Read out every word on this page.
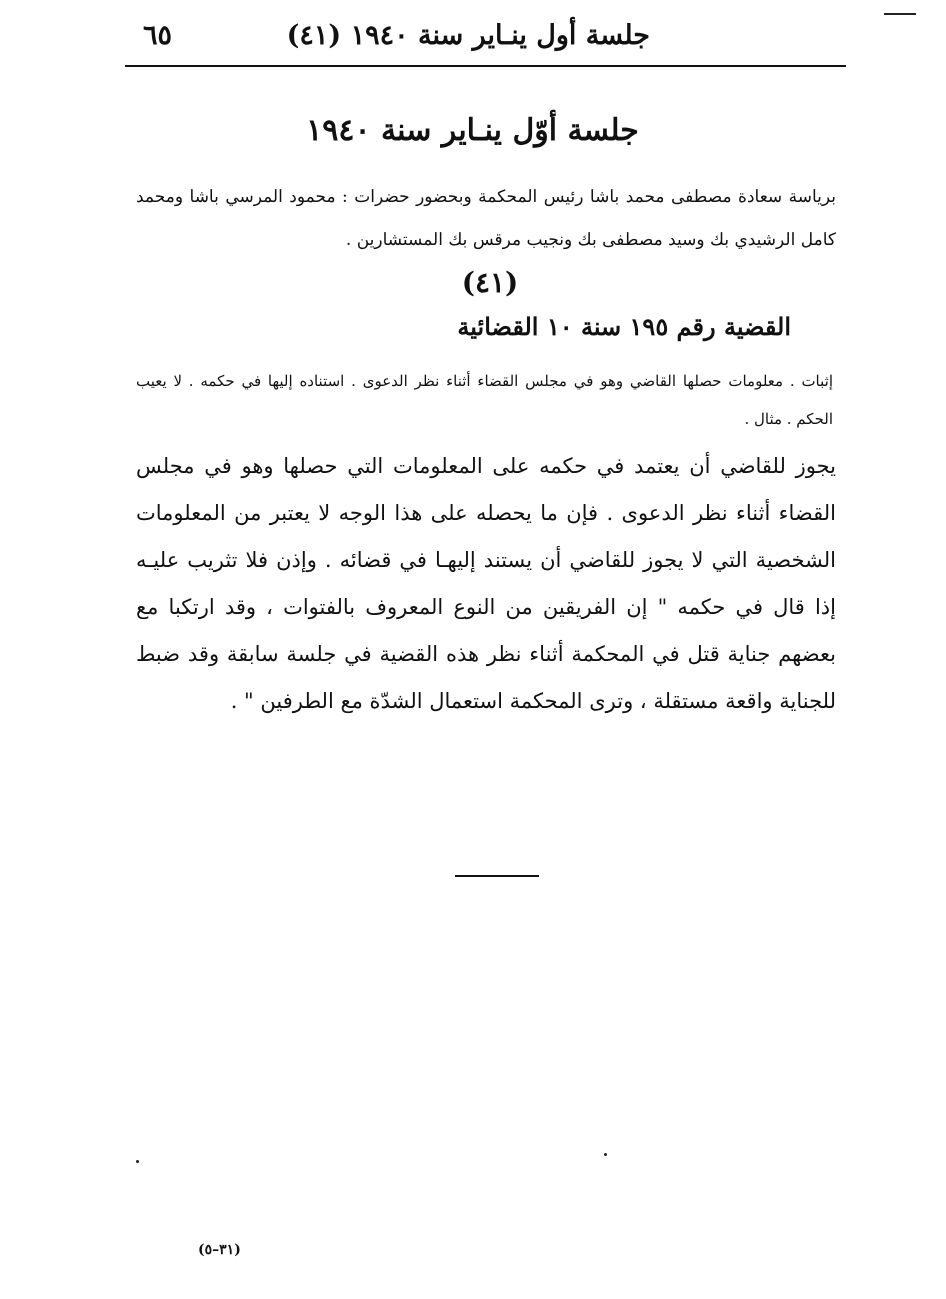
جلسة أول ينـاير سنة ١٩٤٠ (٤١)
٦٥
جلسة أوّل ينـاير سنة ١٩٤٠
برياسة سعادة مصطفى محمد باشا رئيس المحكمة وبحضور حضرات : محمود المرسي باشا ومحمد كامل الرشيدي بك وسيد مصطفى بك ونجيب مرقس بك المستشارين .
(٤١)
القضية رقم ١٩٥ سنة ١٠ القضائية
إثبات . معلومات حصلها القاضي وهو في مجلس القضاء أثناء نظر الدعوى . استناده إليها في حكمه . لا يعيب الحكم . مثال .
يجوز للقاضي أن يعتمد في حكمه على المعلومات التي حصلها وهو في مجلس القضاء أثناء نظر الدعوى . فإن ما يحصله على هذا الوجه لا يعتبر من المعلومات الشخصية التي لا يجوز للقاضي أن يستند إليهـا في قضائه . وإذن فلا تثريب عليـه إذا قال في حكمه " إن الفريقين من النوع المعروف بالفتوات ، وقد ارتكبا مع بعضهم جناية قتل في المحكمة أثناء نظر هذه القضية في جلسة سابقة وقد ضبط للجناية واقعة مستقلة ، وترى المحكمة استعمال الشدّة مع الطرفين " .
(٣١–٥)
